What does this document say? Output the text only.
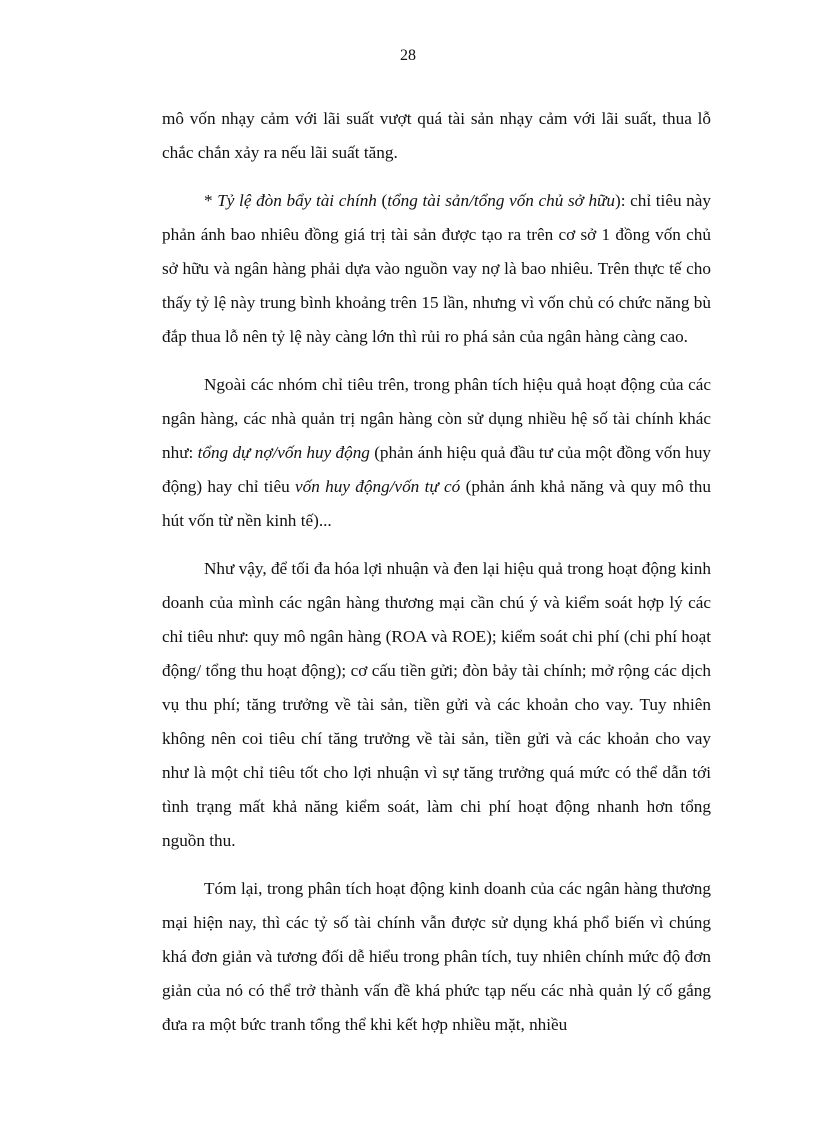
28

mô vốn nhạy cảm với lãi suất vượt quá tài sản nhạy cảm với lãi suất, thua lỗ chắc chắn xảy ra nếu lãi suất tăng.

* Tỷ lệ đòn bẩy tài chính (tổng tài sản/tổng vốn chủ sở hữu): chỉ tiêu này phản ánh bao nhiêu đồng giá trị tài sản được tạo ra trên cơ sở 1 đồng vốn chủ sở hữu và ngân hàng phải dựa vào nguồn vay nợ là bao nhiêu. Trên thực tế cho thấy tỷ lệ này trung bình khoảng trên 15 lần, nhưng vì vốn chủ có chức năng bù đắp thua lỗ nên tỷ lệ này càng lớn thì rủi ro phá sản của ngân hàng càng cao.

Ngoài các nhóm chỉ tiêu trên, trong phân tích hiệu quả hoạt động của các ngân hàng, các nhà quản trị ngân hàng còn sử dụng nhiều hệ số tài chính khác như: tổng dự nợ/vốn huy động (phản ánh hiệu quả đầu tư của một đồng vốn huy động) hay chỉ tiêu vốn huy động/vốn tự có (phản ánh khả năng và quy mô thu hút vốn từ nền kinh tế)...

Như vậy, để tối đa hóa lợi nhuận và đen lại hiệu quả trong hoạt động kinh doanh của mình các ngân hàng thương mại cần chú ý và kiểm soát hợp lý các chỉ tiêu như: quy mô ngân hàng (ROA và ROE); kiểm soát chi phí (chi phí hoạt động/ tổng thu hoạt động); cơ cấu tiền gửi; đòn bảy tài chính; mở rộng các dịch vụ thu phí; tăng trưởng về tài sản, tiền gửi và các khoản cho vay. Tuy nhiên không nên coi tiêu chí tăng trưởng về tài sản, tiền gửi và các khoản cho vay như là một chỉ tiêu tốt cho lợi nhuận vì sự tăng trưởng quá mức có thể dẫn tới tình trạng mất khả năng kiểm soát, làm chi phí hoạt động nhanh hơn tổng nguồn thu.

Tóm lại, trong phân tích hoạt động kinh doanh của các ngân hàng thương mại hiện nay, thì các tỷ số tài chính vẫn được sử dụng khá phổ biến vì chúng khá đơn giản và tương đối dễ hiểu trong phân tích, tuy nhiên chính mức độ đơn giản của nó có thể trở thành vấn đề khá phức tạp nếu các nhà quản lý cố gắng đưa ra một bức tranh tổng thể khi kết hợp nhiều mặt, nhiều
